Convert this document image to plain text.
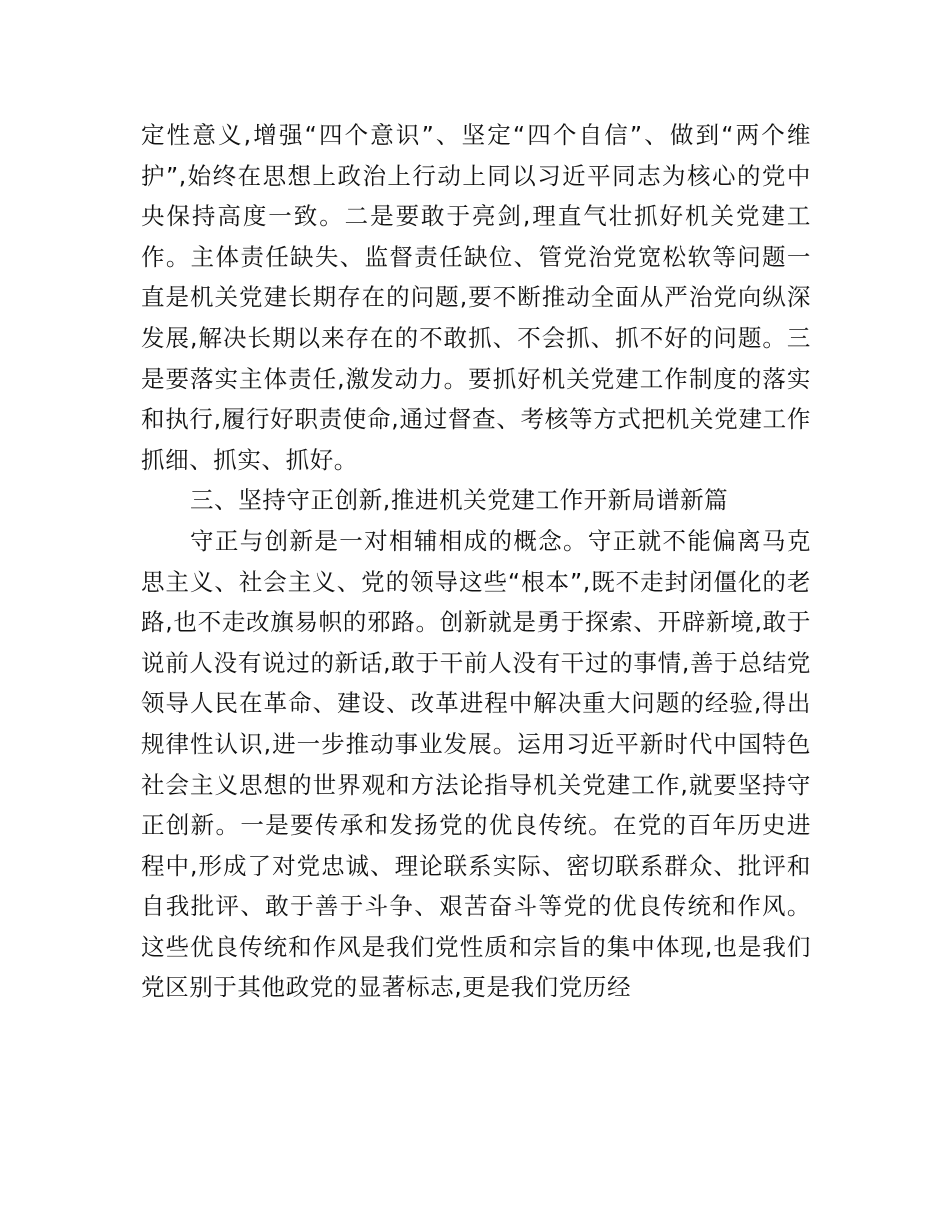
定性意义,增强“四个意识”、坚定“四个自信”、做到“两个维护”,始终在思想上政治上行动上同以习近平同志为核心的党中央保持高度一致。二是要敢于亮剑,理直气壮抓好机关党建工作。主体责任缺失、监督责任缺位、管党治党宽松软等问题一直是机关党建长期存在的问题,要不断推动全面从严治党向纵深发展,解决长期以来存在的不敢抓、不会抓、抓不好的问题。三是要落实主体责任,激发动力。要抓好机关党建工作制度的落实和执行,履行好职责使命,通过督查、考核等方式把机关党建工作抓细、抓实、抓好。

三、坚持守正创新,推进机关党建工作开新局谱新篇

守正与创新是一对相辅相成的概念。守正就不能偏离马克思主义、社会主义、党的领导这些“根本”,既不走封闭僵化的老路,也不走改旗易帜的邪路。创新就是勇于探索、开辟新境,敢于说前人没有说过的新话,敢于干前人没有干过的事情,善于总结党领导人民在革命、建设、改革进程中解决重大问题的经验,得出规律性认识,进一步推动事业发展。运用习近平新时代中国特色社会主义思想的世界观和方法论指导机关党建工作,就要坚持守正创新。一是要传承和发扬党的优良传统。在党的百年历史进程中,形成了对党忠诚、理论联系实际、密切联系群众、批评和自我批评、敢于善于斗争、艰苦奋斗等党的优良传统和作风。这些优良传统和作风是我们党性质和宗旨的集中体现,也是我们党区别于其他政党的显著标志,更是我们党历经
